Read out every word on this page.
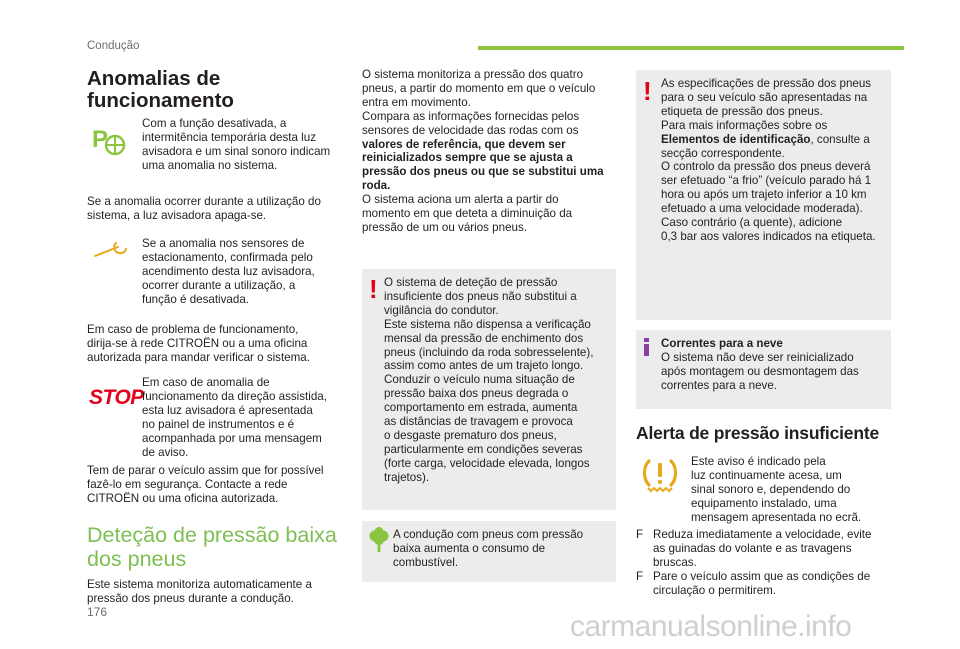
Condução
Anomalias de
funcionamento
P
Com a função desativada, a
intermitência temporária desta luz
avisadora e um sinal sonoro indicam
uma anomalia no sistema.
Se a anomalia ocorrer durante a utilização do
sistema, a luz avisadora apaga-se.
Se a anomalia nos sensores de
estacionamento, confirmada pelo
acendimento desta luz avisadora,
ocorrer durante a utilização, a
função é desativada.
Em caso de problema de funcionamento,
dirija-se à rede CITROËN ou a uma oficina
autorizada para mandar verificar o sistema.
STOP
Em caso de anomalia de
funcionamento da direção assistida,
esta luz avisadora é apresentada
no painel de instrumentos e é
acompanhada por uma mensagem
de aviso.
Tem de parar o veículo assim que for possível
fazê-lo em segurança. Contacte a rede
CITROËN ou uma oficina autorizada.
Deteção de pressão baixa
dos pneus
Este sistema monitoriza automaticamente a
pressão dos pneus durante a condução.
O sistema monitoriza a pressão dos quatro
pneus, a partir do momento em que o veículo
entra em movimento.
Compara as informações fornecidas pelos
sensores de velocidade das rodas com os
valores de referência, que devem ser
reinicializados sempre que se ajusta a
pressão dos pneus ou que se substitui uma
roda.
O sistema aciona um alerta a partir do
momento em que deteta a diminuição da
pressão de um ou vários pneus.
! O sistema de deteção de pressão
insuficiente dos pneus não substitui a
vigilância do condutor.
Este sistema não dispensa a verificação
mensal da pressão de enchimento dos
pneus (incluindo da roda sobresselente),
assim como antes de um trajeto longo.
Conduzir o veículo numa situação de
pressão baixa dos pneus degrada o
comportamento em estrada, aumenta
as distâncias de travagem e provoca
o desgaste prematuro dos pneus,
particularmente em condições severas
(forte carga, velocidade elevada, longos
trajetos).
A condução com pneus com pressão
baixa aumenta o consumo de
combustível.
! As especificações de pressão dos pneus
para o seu veículo são apresentadas na
etiqueta de pressão dos pneus.
Para mais informações sobre os
Elementos de identificação, consulte a
secção correspondente.
O controlo da pressão dos pneus deverá
ser efetuado “a frio” (veículo parado há 1
hora ou após um trajeto inferior a 10 km
efetuado a uma velocidade moderada).
Caso contrário (a quente), adicione
0,3 bar aos valores indicados na etiqueta.
Correntes para a neve
O sistema não deve ser reinicializado
após montagem ou desmontagem das
correntes para a neve.
Alerta de pressão insuficiente
Este aviso é indicado pela
luz continuamente acesa, um
sinal sonoro e, dependendo do
equipamento instalado, uma
mensagem apresentada no ecrã.
F Reduza imediatamente a velocidade, evite
as guinadas do volante e as travagens
bruscas.
F Pare o veículo assim que as condições de
circulação o permitirem.
176	carmanualsonline.info
